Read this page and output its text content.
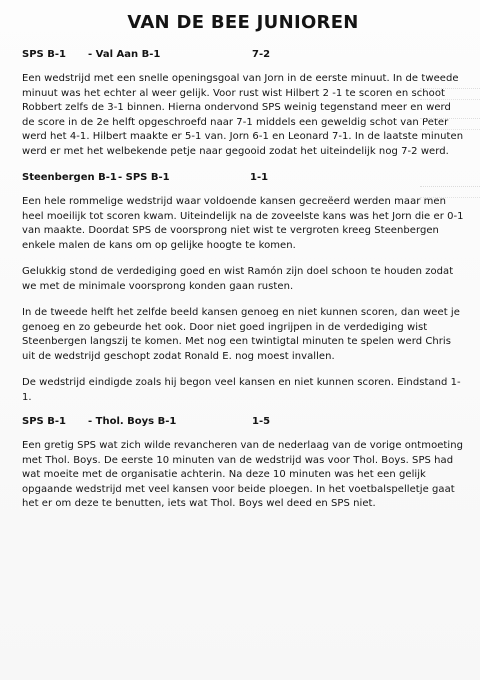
VAN DE BEE JUNIOREN
SPS B-1	- Val Aan B-1	7-2

Een wedstrijd met een snelle openingsgoal van Jorn in de eerste minuut. In de tweede minuut was het echter al weer gelijk. Voor rust wist Hilbert 2 -1 te scoren en schoot Robbert zelfs de 3-1 binnen. Hierna ondervond SPS weinig tegenstand meer en werd de score in de 2e helft opgeschroefd naar 7-1 middels een geweldig schot van Peter werd het 4-1. Hilbert maakte er 5-1 van. Jorn 6-1 en Leonard 7-1. In de laatste minuten werd er met het welbekende petje naar gegooid zodat het uiteindelijk nog 7-2 werd.

Steenbergen B-1 - SPS B-1	1-1

Een hele rommelige wedstrijd waar voldoende kansen gecreëerd werden maar men heel moeilijk tot scoren kwam. Uiteindelijk na de zoveelste kans was het Jorn die er 0-1 van maakte. Doordat SPS de voorsprong niet wist te vergroten kreeg Steenbergen enkele malen de kans om op gelijke hoogte te komen.

Gelukkig stond de verdediging goed en wist Ramón zijn doel schoon te houden zodat we met de minimale voorsprong konden gaan rusten.

In de tweede helft het zelfde beeld kansen genoeg en niet kunnen scoren, dan weet je genoeg en zo gebeurde het ook. Door niet goed ingrijpen in de verdediging wist Steenbergen langszij te komen. Met nog een twintigtal minuten te spelen werd Chris uit de wedstrijd geschopt zodat Ronald E. nog moest invallen.

De wedstrijd eindigde zoals hij begon veel kansen en niet kunnen scoren. Eindstand 1-1.

SPS B-1	- Thol. Boys B-1	1-5

Een gretig SPS wat zich wilde revancheren van de nederlaag van de vorige ontmoeting met Thol. Boys. De eerste 10 minuten van de wedstrijd was voor Thol. Boys. SPS had wat moeite met de organisatie achterin. Na deze 10 minuten was het een gelijk opgaande wedstrijd met veel kansen voor beide ploegen. In het voetbalspelletje gaat het er om deze te benutten, iets wat Thol. Boys wel deed en SPS niet.
